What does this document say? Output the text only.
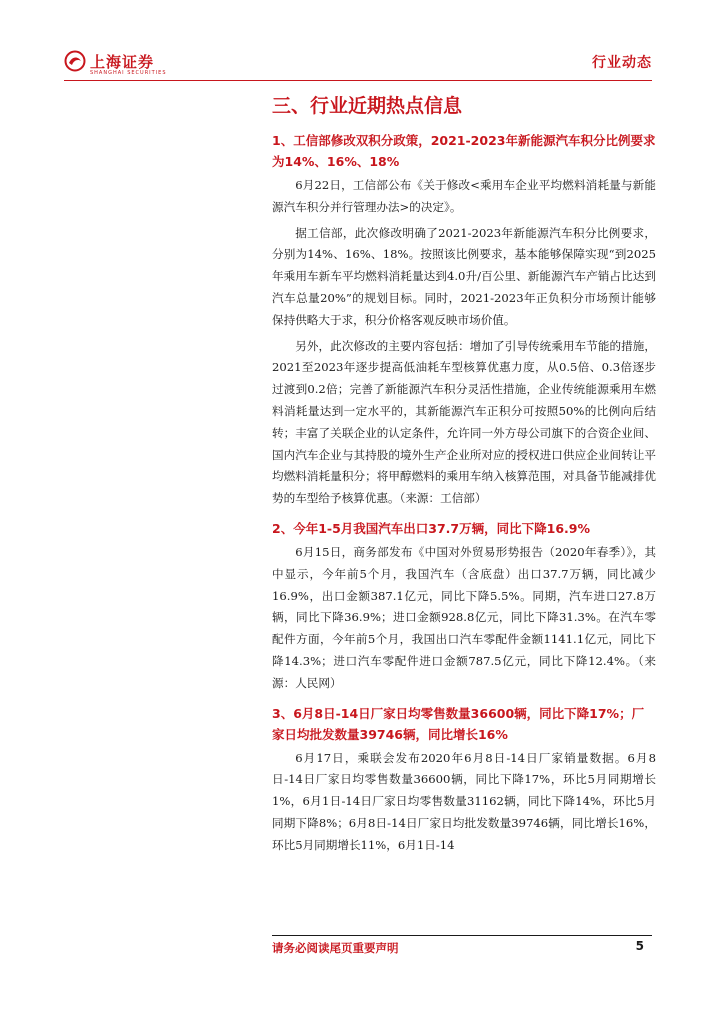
上海证券
SHANGHAI SECURITIES
行业动态
三、行业近期热点信息
1、工信部修改双积分政策，2021-2023年新能源汽车积分比例要求为14%、16%、18%

6月22日，工信部公布《关于修改<乘用车企业平均燃料消耗量与新能源汽车积分并行管理办法>的决定》。

据工信部，此次修改明确了2021-2023年新能源汽车积分比例要求，分别为14%、16%、18%。按照该比例要求，基本能够保障实现“到2025年乘用车新车平均燃料消耗量达到4.0升/百公里、新能源汽车产销占比达到汽车总量20%”的规划目标。同时，2021-2023年正负积分市场预计能够保持供略大于求，积分价格客观反映市场价值。

另外，此次修改的主要内容包括：增加了引导传统乘用车节能的措施，2021至2023年逐步提高低油耗车型核算优惠力度，从0.5倍、0.3倍逐步过渡到0.2倍；完善了新能源汽车积分灵活性措施，企业传统能源乘用车燃料消耗量达到一定水平的，其新能源汽车正积分可按照50%的比例向后结转；丰富了关联企业的认定条件，允许同一外方母公司旗下的合资企业间、国内汽车企业与其持股的境外生产企业所对应的授权进口供应企业间转让平均燃料消耗量积分；将甲醇燃料的乘用车纳入核算范围，对具备节能减排优势的车型给予核算优惠。（来源：工信部）

2、今年1-5月我国汽车出口37.7万辆，同比下降16.9%

6月15日，商务部发布《中国对外贸易形势报告（2020年春季）》，其中显示，今年前5个月，我国汽车（含底盘）出口37.7万辆，同比减少16.9%，出口金额387.1亿元，同比下降5.5%。同期，汽车进口27.8万辆，同比下降36.9%；进口金额928.8亿元，同比下降31.3%。在汽车零配件方面，今年前5个月，我国出口汽车零配件金额1141.1亿元，同比下降14.3%；进口汽车零配件进口金额787.5亿元，同比下降12.4%。（来源：人民网）

3、6月8日-14日厂家日均零售数量36600辆，同比下降17%；厂家日均批发数量39746辆，同比增长16%

6月17日，乘联会发布2020年6月8日-14日厂家销量数据。6月8日-14日厂家日均零售数量36600辆，同比下降17%，环比5月同期增长1%，6月1日-14日厂家日均零售数量31162辆，同比下降14%，环比5月同期下降8%；6月8日-14日厂家日均批发数量39746辆，同比增长16%，环比5月同期增长11%，6月1日-14

请务必阅读尾页重要声明	5
